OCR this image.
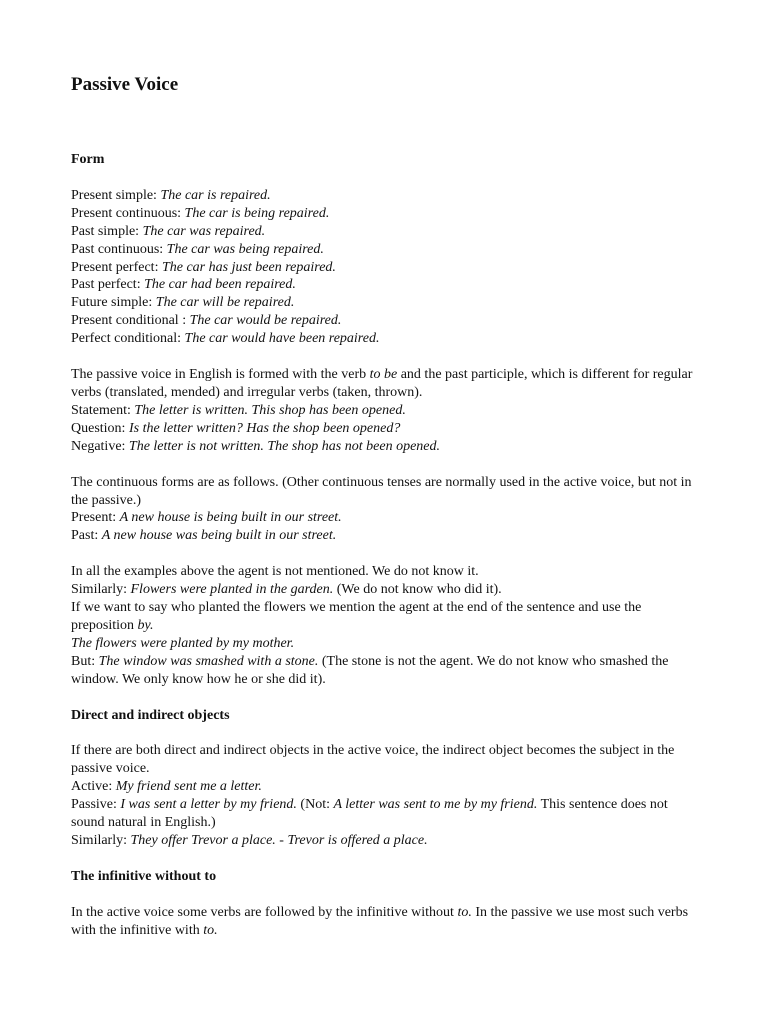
Passive Voice

Form

Present simple: The car is repaired.
Present continuous: The car is being repaired.
Past simple: The car was repaired.
Past continuous: The car was being repaired.
Present perfect: The car has just been repaired.
Past perfect: The car had been repaired.
Future simple: The car will be repaired.
Present conditional : The car would be repaired.
Perfect conditional: The car would have been repaired.
The passive voice in English is formed with the verb to be and the past participle, which is different for regular verbs (translated, mended) and irregular verbs (taken, thrown).
Statement: The letter is written. This shop has been opened.
Question: Is the letter written? Has the shop been opened?
Negative: The letter is not written. The shop has not been opened.
The continuous forms are as follows. (Other continuous tenses are normally used in the active voice, but not in the passive.)
Present: A new house is being built in our street.
Past: A new house was being built in our street.
In all the examples above the agent is not mentioned. We do not know it.
Similarly: Flowers were planted in the garden. (We do not know who did it).
If we want to say who planted the flowers we mention the agent at the end of the sentence and use the preposition by.
The flowers were planted by my mother.
But: The window was smashed with a stone. (The stone is not the agent. We do not know who smashed the window. We only know how he or she did it).

Direct and indirect objects

If there are both direct and indirect objects in the active voice, the indirect object becomes the subject in the passive voice.
Active: My friend sent me a letter.
Passive: I was sent a letter by my friend. (Not: A letter was sent to me by my friend. This sentence does not sound natural in English.)
Similarly: They offer Trevor a place. - Trevor is offered a place.

The infinitive without to

In the active voice some verbs are followed by the infinitive without to. In the passive we use most such verbs with the infinitive with to.
